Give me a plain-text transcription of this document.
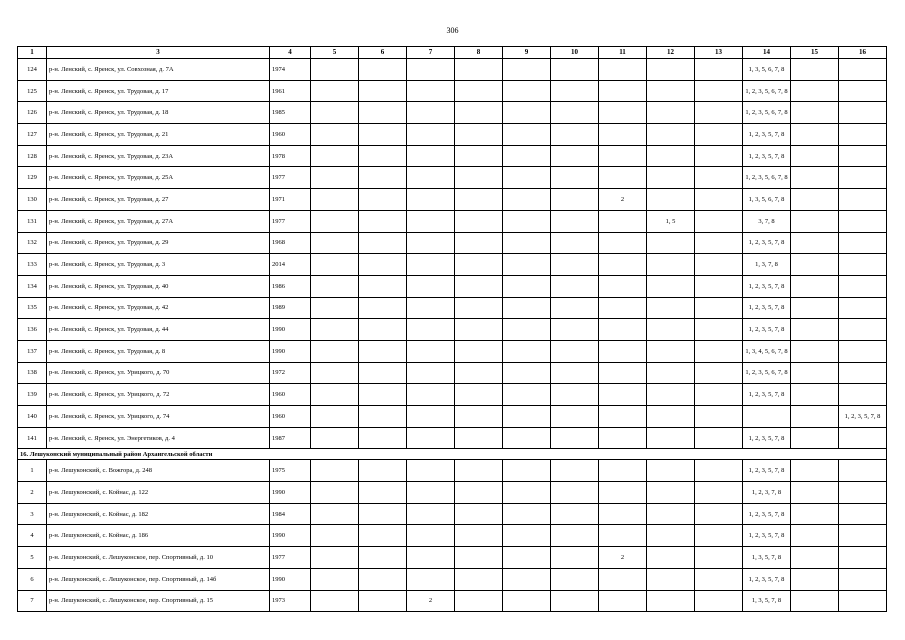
306
1	3	4	5	6	7	8	9	10	11	12	13	14	15	16
124	р-н. Ленский, с. Яренск, ул. Совхозная, д. 7А	1974										1, 3, 5, 6, 7, 8		
125	р-н. Ленский, с. Яренск, ул. Трудовая, д. 17	1961										1, 2, 3, 5, 6, 7, 8		
126	р-н. Ленский, с. Яренск, ул. Трудовая, д. 18	1985										1, 2, 3, 5, 6, 7, 8		
127	р-н. Ленский, с. Яренск, ул. Трудовая, д. 21	1960										1, 2, 3, 5, 7, 8		
128	р-н. Ленский, с. Яренск, ул. Трудовая, д. 23А	1978										1, 2, 3, 5, 7, 8		
129	р-н. Ленский, с. Яренск, ул. Трудовая, д. 25А	1977										1, 2, 3, 5, 6, 7, 8		
130	р-н. Ленский, с. Яренск, ул. Трудовая, д. 27	1971							2			1, 3, 5, 6, 7, 8		
131	р-н. Ленский, с. Яренск, ул. Трудовая, д. 27А	1977								1, 5		3, 7, 8		
132	р-н. Ленский, с. Яренск, ул. Трудовая, д. 29	1968										1, 2, 3, 5, 7, 8		
133	р-н. Ленский, с. Яренск, ул. Трудовая, д. 3	2014										1, 3, 7, 8		
134	р-н. Ленский, с. Яренск, ул. Трудовая, д. 40	1986										1, 2, 3, 5, 7, 8		
135	р-н. Ленский, с. Яренск, ул. Трудовая, д. 42	1989										1, 2, 3, 5, 7, 8		
136	р-н. Ленский, с. Яренск, ул. Трудовая, д. 44	1990										1, 2, 3, 5, 7, 8		
137	р-н. Ленский, с. Яренск, ул. Трудовая, д. 8	1990										1, 3, 4, 5, 6, 7, 8		
138	р-н. Ленский, с. Яренск, ул. Урицкого, д. 70	1972										1, 2, 3, 5, 6, 7, 8		
139	р-н. Ленский, с. Яренск, ул. Урицкого, д. 72	1960										1, 2, 3, 5, 7, 8		
140	р-н. Ленский, с. Яренск, ул. Урицкого, д. 74	1960												1, 2, 3, 5, 7, 8
141	р-н. Ленский, с. Яренск, ул. Энергетиков, д. 4	1987										1, 2, 3, 5, 7, 8		
16. Лешуконский муниципальный район Архангельской области														
1	р-н. Лешуконский, с. Вожгора, д. 248	1975										1, 2, 3, 5, 7, 8		
2	р-н. Лешуконский, с. Койнас, д. 122	1990										1, 2, 3, 7, 8		
3	р-н. Лешуконский, с. Койнас, д. 182	1984										1, 2, 3, 5, 7, 8		
4	р-н. Лешуконский, с. Койнас, д. 186	1990										1, 2, 3, 5, 7, 8		
5	р-н. Лешуконский, с. Лешуконское, пер. Спортивный, д. 10	1977							2			1, 3, 5, 7, 8		
6	р-н. Лешуконский, с. Лешуконское, пер. Спортивный, д. 14б	1990										1, 2, 3, 5, 7, 8		
7	р-н. Лешуконский, с. Лешуконское, пер. Спортивный, д. 15	1973			2							1, 3, 5, 7, 8		
